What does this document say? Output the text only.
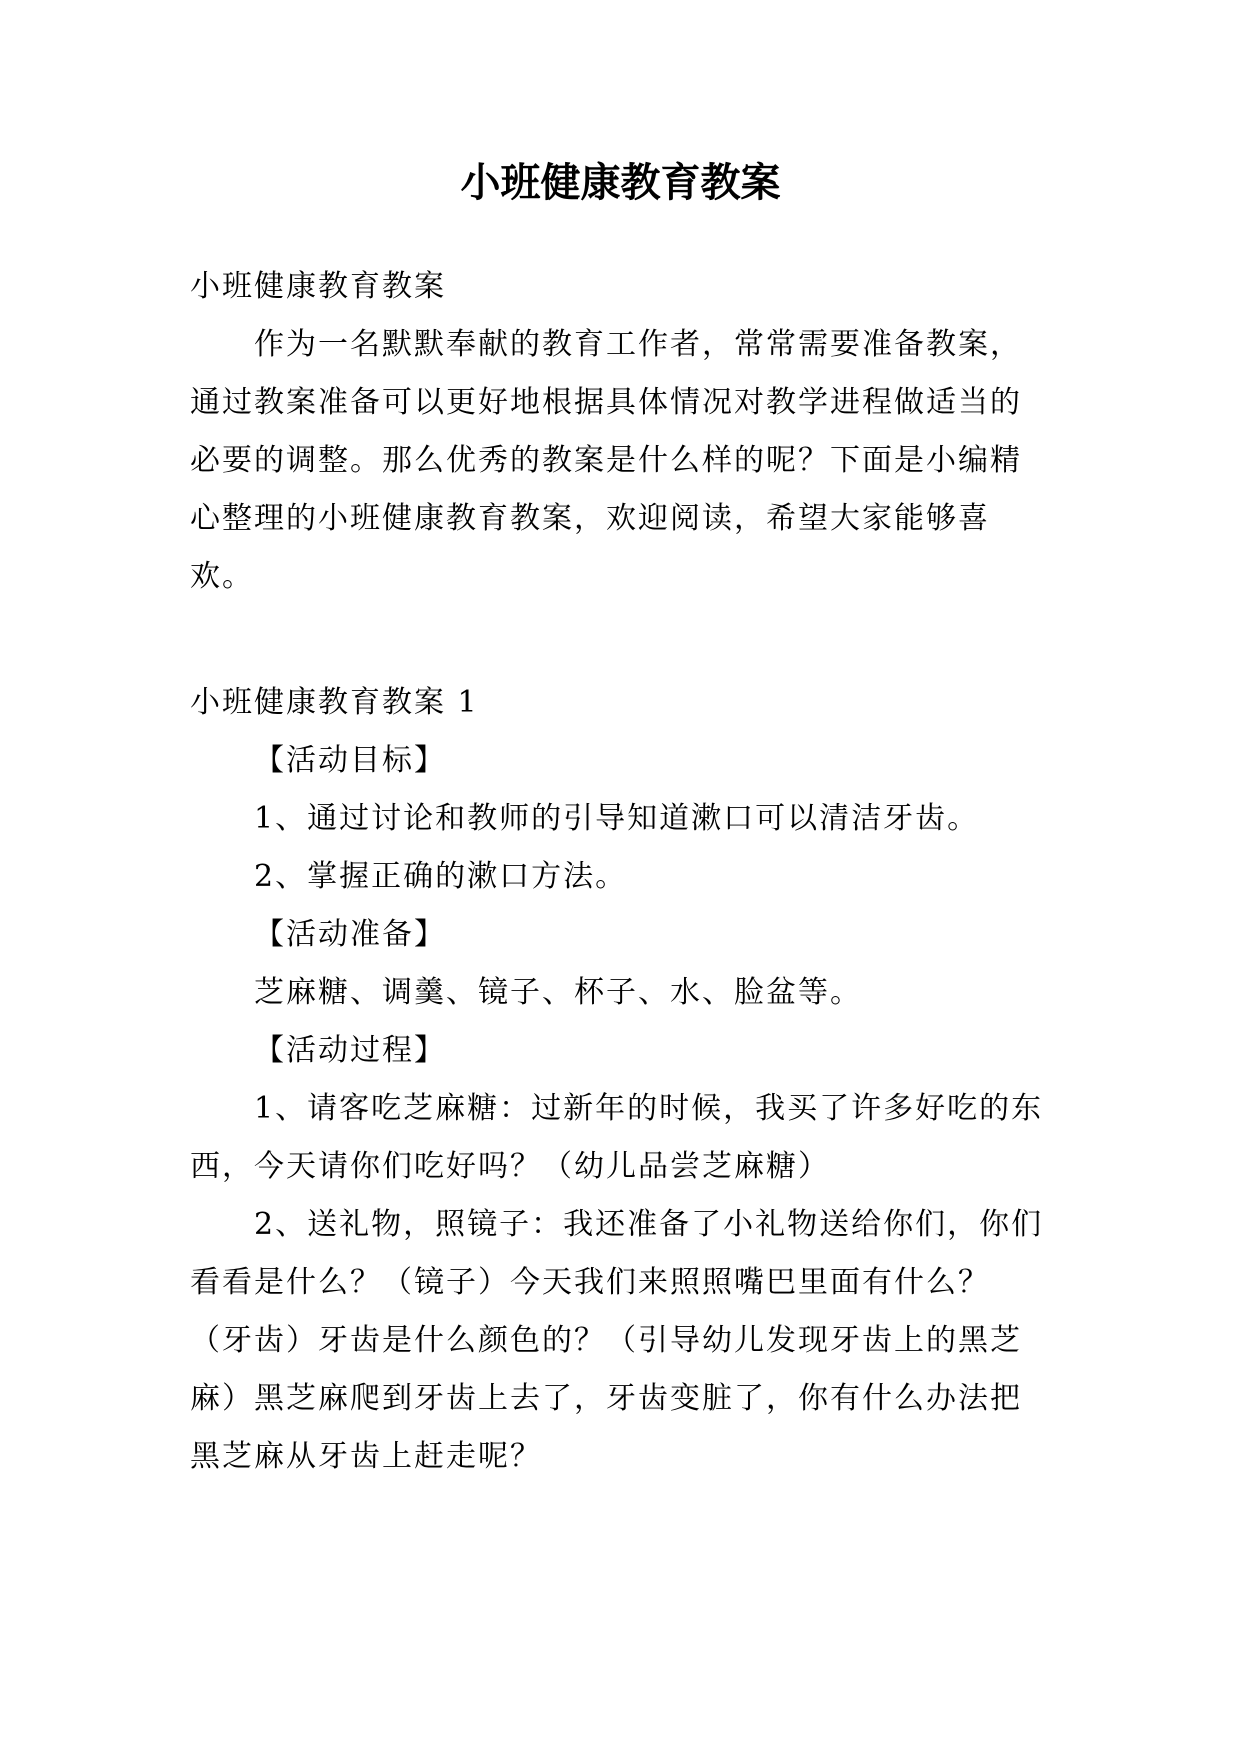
小班健康教育教案

小班健康教育教案

作为一名默默奉献的教育工作者，常常需要准备教案，通过教案准备可以更好地根据具体情况对教学进程做适当的必要的调整。那么优秀的教案是什么样的呢？下面是小编精心整理的小班健康教育教案，欢迎阅读，希望大家能够喜欢。

小班健康教育教案 1

【活动目标】

1、通过讨论和教师的引导知道漱口可以清洁牙齿。

2、掌握正确的漱口方法。

【活动准备】

芝麻糖、调羹、镜子、杯子、水、脸盆等。

【活动过程】

1、请客吃芝麻糖：过新年的时候，我买了许多好吃的东西，今天请你们吃好吗？（幼儿品尝芝麻糖）

2、送礼物，照镜子：我还准备了小礼物送给你们，你们看看是什么？（镜子）今天我们来照照嘴巴里面有什么？（牙齿）牙齿是什么颜色的？（引导幼儿发现牙齿上的黑芝麻）黑芝麻爬到牙齿上去了，牙齿变脏了，你有什么办法把黑芝麻从牙齿上赶走呢？
